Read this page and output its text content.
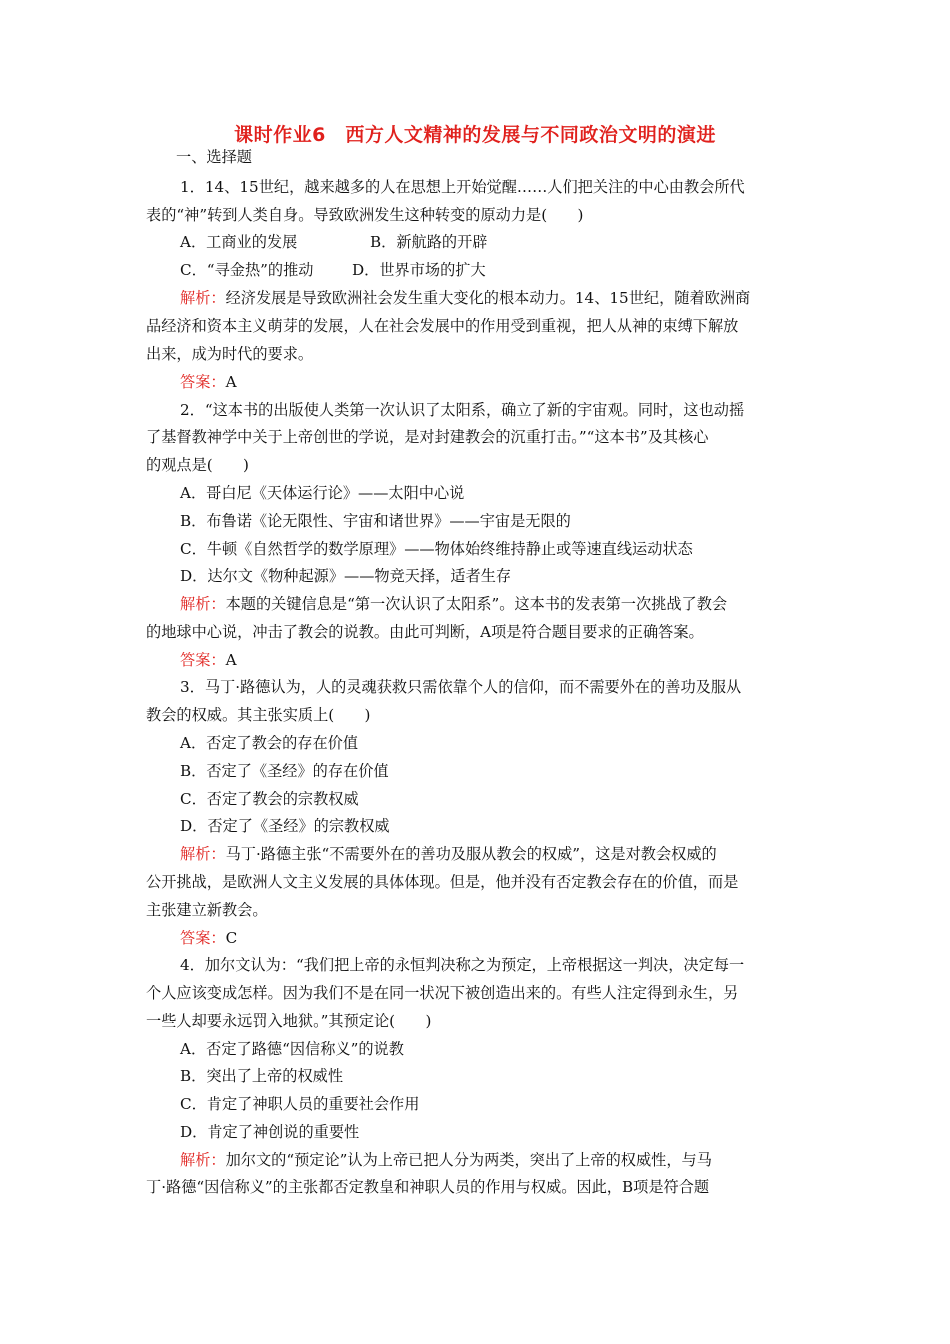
课时作业6　西方人文精神的发展与不同政治文明的演进
一、选择题
1．14、15世纪，越来越多的人在思想上开始觉醒……人们把关注的中心由教会所代
表的“神”转到人类自身。导致欧洲发生这种转变的原动力是(　　)
A．工商业的发展	B．新航路的开辟
C．“寻金热”的推动	D．世界市场的扩大
解析：经济发展是导致欧洲社会发生重大变化的根本动力。14、15世纪，随着欧洲商
品经济和资本主义萌芽的发展，人在社会发展中的作用受到重视，把人从神的束缚下解放
出来，成为时代的要求。
答案：A
2．“这本书的出版使人类第一次认识了太阳系，确立了新的宇宙观。同时，这也动摇
了基督教神学中关于上帝创世的学说，是对封建教会的沉重打击。”“这本书”及其核心
的观点是(　　)
A．哥白尼《天体运行论》——太阳中心说
B．布鲁诺《论无限性、宇宙和诸世界》——宇宙是无限的
C．牛顿《自然哲学的数学原理》——物体始终维持静止或等速直线运动状态
D．达尔文《物种起源》——物竞天择，适者生存
解析：本题的关键信息是“第一次认识了太阳系”。这本书的发表第一次挑战了教会
的地球中心说，冲击了教会的说教。由此可判断，A项是符合题目要求的正确答案。
答案：A
3．马丁·路德认为，人的灵魂获救只需依靠个人的信仰，而不需要外在的善功及服从
教会的权威。其主张实质上(　　)
A．否定了教会的存在价值
B．否定了《圣经》的存在价值
C．否定了教会的宗教权威
D．否定了《圣经》的宗教权威
解析：马丁·路德主张“不需要外在的善功及服从教会的权威”，这是对教会权威的
公开挑战，是欧洲人文主义发展的具体体现。但是，他并没有否定教会存在的价值，而是
主张建立新教会。
答案：C
4．加尔文认为：“我们把上帝的永恒判决称之为预定，上帝根据这一判决，决定每一
个人应该变成怎样。因为我们不是在同一状况下被创造出来的。有些人注定得到永生，另
一些人却要永远罚入地狱。”其预定论(　　)
A．否定了路德“因信称义”的说教
B．突出了上帝的权威性
C．肯定了神职人员的重要社会作用
D．肯定了神创说的重要性
解析：加尔文的“预定论”认为上帝已把人分为两类，突出了上帝的权威性，与马
丁·路德“因信称义”的主张都否定教皇和神职人员的作用与权威。因此，B项是符合题
